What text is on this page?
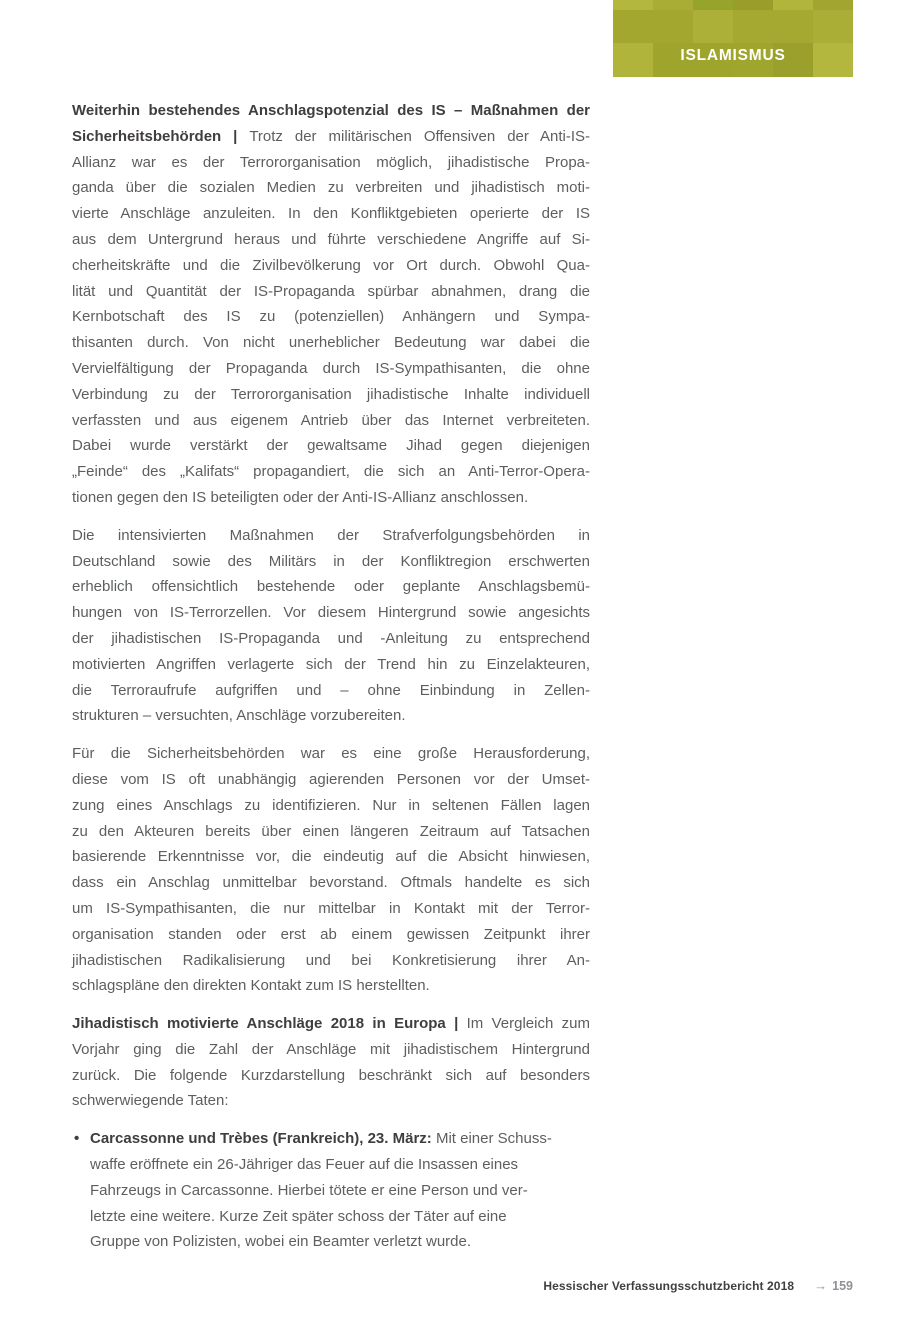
ISLAMISMUS
Weiterhin bestehendes Anschlagspotenzial des IS – Maßnahmen der
Sicherheitsbehörden | Trotz der militärischen Offensiven der Anti-IS-
Allianz war es der Terrororganisation möglich, jihadistische Propa-
ganda über die sozialen Medien zu verbreiten und jihadistisch moti-
vierte Anschläge anzuleiten. In den Konfliktgebieten operierte der IS
aus dem Untergrund heraus und führte verschiedene Angriffe auf Si-
cherheitskräfte und die Zivilbevölkerung vor Ort durch. Obwohl Qua-
lität und Quantität der IS-Propaganda spürbar abnahmen, drang die
Kernbotschaft des IS zu (potenziellen) Anhängern und Sympa-
thisanten durch. Von nicht unerheblicher Bedeutung war dabei die
Vervielfältigung der Propaganda durch IS-Sympathisanten, die ohne
Verbindung zu der Terrororganisation jihadistische Inhalte individuell
verfassten und aus eigenem Antrieb über das Internet verbreiteten.
Dabei wurde verstärkt der gewaltsame Jihad gegen diejenigen
„Feinde“ des „Kalifats“ propagandiert, die sich an Anti-Terror-Opera-
tionen gegen den IS beteiligten oder der Anti-IS-Allianz anschlossen.
Die intensivierten Maßnahmen der Strafverfolgungsbehörden in
Deutschland sowie des Militärs in der Konfliktregion erschwerten
erheblich offensichtlich bestehende oder geplante Anschlagsbemü-
hungen von IS-Terrorzellen. Vor diesem Hintergrund sowie angesichts
der jihadistischen IS-Propaganda und -Anleitung zu entsprechend
motivierten Angriffen verlagerte sich der Trend hin zu Einzelakteuren,
die Terroraufrufe aufgriffen und – ohne Einbindung in Zellen-
strukturen – versuchten, Anschläge vorzubereiten.
Für die Sicherheitsbehörden war es eine große Herausforderung,
diese vom IS oft unabhängig agierenden Personen vor der Umset-
zung eines Anschlags zu identifizieren. Nur in seltenen Fällen lagen
zu den Akteuren bereits über einen längeren Zeitraum auf Tatsachen
basierende Erkenntnisse vor, die eindeutig auf die Absicht hinwiesen,
dass ein Anschlag unmittelbar bevorstand. Oftmals handelte es sich
um IS-Sympathisanten, die nur mittelbar in Kontakt mit der Terror-
organisation standen oder erst ab einem gewissen Zeitpunkt ihrer
jihadistischen Radikalisierung und bei Konkretisierung ihrer An-
schlagspläne den direkten Kontakt zum IS herstellten.
Jihadistisch motivierte Anschläge 2018 in Europa | Im Vergleich zum
Vorjahr ging die Zahl der Anschläge mit jihadistischem Hintergrund
zurück. Die folgende Kurzdarstellung beschränkt sich auf besonders
schwerwiegende Taten:
• Carcassonne und Trèbes (Frankreich), 23. März: Mit einer Schuss-
waffe eröffnete ein 26-Jähriger das Feuer auf die Insassen eines
Fahrzeugs in Carcassonne. Hierbei tötete er eine Person und ver-
letzte eine weitere. Kurze Zeit später schoss der Täter auf eine
Gruppe von Polizisten, wobei ein Beamter verletzt wurde.
Hessischer Verfassungsschutzbericht 2018 → 159
